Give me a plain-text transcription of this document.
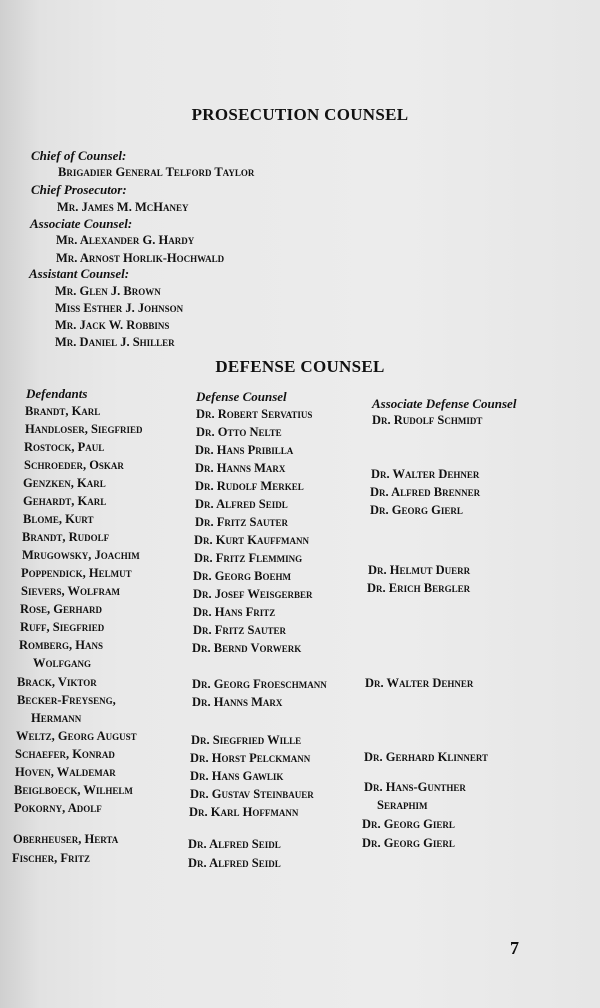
PROSECUTION COUNSEL
Chief of Counsel:
Brigadier General Telford Taylor
Chief Prosecutor:
Mr. James M. McHaney
Associate Counsel:
Mr. Alexander G. Hardy
Mr. Arnost Horlik-Hochwald
Assistant Counsel:
Mr. Glen J. Brown
Miss Esther J. Johnson
Mr. Jack W. Robbins
Mr. Daniel J. Shiller
DEFENSE COUNSEL
Defendants	Defense Counsel	Associate Defense Counsel
Brandt, Karl
Handloser, Siegfried
Rostock, Paul
Schroeder, Oskar
Genzken, Karl
Gehardt, Karl
Blome, Kurt
Brandt, Rudolf
Mrugowsky, Joachim
Poppendick, Helmut
Sievers, Wolfram
Rose, Gerhard
Ruff, Siegfried
Romberg, Hans
Wolfgang
Brack, Viktor
Becker-Freyseng,
Hermann
Weltz, Georg August
Schaefer, Konrad
Hoven, Waldemar
Beiglboeck, Wilhelm
Pokorny, Adolf
Oberheuser, Herta
Fischer, Fritz
Dr. Robert Servatius
Dr. Otto Nelte
Dr. Hans Pribilla
Dr. Hanns Marx
Dr. Rudolf Merkel
Dr. Alfred Seidl
Dr. Fritz Sauter
Dr. Kurt Kauffmann
Dr. Fritz Flemming
Dr. Georg Boehm
Dr. Josef Weisgerber
Dr. Hans Fritz
Dr. Fritz Sauter
Dr. Bernd Vorwerk
Dr. Georg Froeschmann
Dr. Hanns Marx
Dr. Siegfried Wille
Dr. Horst Pelckmann
Dr. Hans Gawlik
Dr. Gustav Steinbauer
Dr. Karl Hoffmann
Dr. Alfred Seidl
Dr. Alfred Seidl
Dr. Rudolf Schmidt
Dr. Walter Dehner
Dr. Alfred Brenner
Dr. Georg Gierl
Dr. Helmut Duerr
Dr. Erich Bergler
Dr. Walter Dehner
Dr. Gerhard Klinnert
Dr. Hans-Gunther
Seraphim
Dr. Georg Gierl
Dr. Georg Gierl
7
